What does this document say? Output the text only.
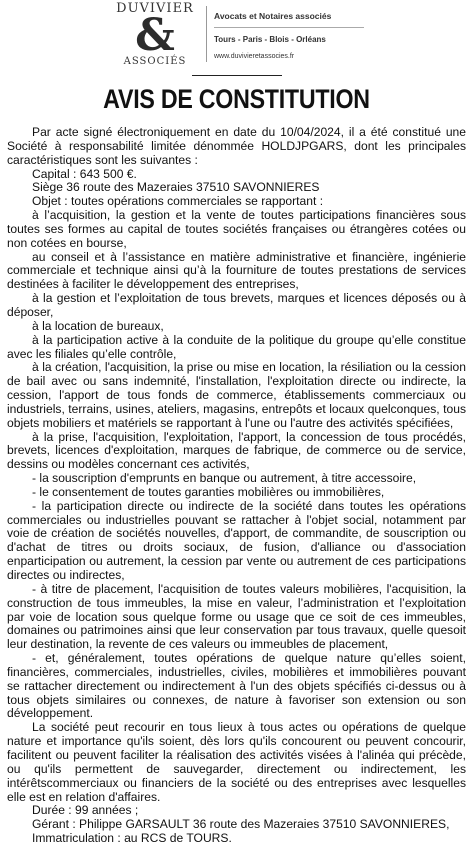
DUVIVIER
&
ASSOCIÉS
Avocats et Notaires associés
Tours - Paris - Blois - Orléans
www.duvivieretassocies.fr
AVIS DE CONSTITUTION

Par acte signé électroniquement en date du 10/04/2024, il a été constitué une Société à responsabilité limitée dénommée HOLDJPGARS, dont les principales caractéristiques sont les suivantes :

Capital : 643 500 €.

Siège 36 route des Mazeraies 37510 SAVONNIERES

Objet : toutes opérations commerciales se rapportant :

à l’acquisition, la gestion et la vente de toutes participations financières sous toutes ses formes au capital de toutes sociétés françaises ou étrangères cotées ou non cotées en bourse,

au conseil et à l’assistance en matière administrative et financière, ingénierie commerciale et technique ainsi qu’à la fourniture de toutes prestations de services destinées à faciliter le développement des entreprises,

à la gestion et l’exploitation de tous brevets, marques et licences déposés ou à déposer,

à la location de bureaux,

à la participation active à la conduite de la politique du groupe qu’elle constitue avec les filiales qu’elle contrôle,

à la création, l'acquisition, la prise ou mise en location, la résiliation ou la cession de bail avec ou sans indemnité, l'installation, l'exploitation directe ou indirecte, la cession, l'apport de tous fonds de commerce, établissements commerciaux ou industriels, terrains, usines, ateliers, magasins, entrepôts et locaux quelconques, tous objets mobiliers et matériels se rapportant à l'une ou l'autre des activités spécifiées,

à la prise, l'acquisition, l'exploitation, l'apport, la concession de tous procédés, brevets, licences d'exploitation, marques de fabrique, de commerce ou de service, dessins ou modèles concernant ces activités,

- la souscription d'emprunts en banque ou autrement, à titre accessoire,

- le consentement de toutes garanties mobilières ou immobilières,

- la participation directe ou indirecte de la société dans toutes les opérations commerciales ou industrielles pouvant se rattacher à l'objet social, notamment par voie de création de sociétés nouvelles, d'apport, de commandite, de souscription ou d'achat de titres ou droits sociaux, de fusion, d'alliance ou d'association enparticipation ou autrement, la cession par vente ou autrement de ces participations directes ou indirectes,

- à titre de placement, l'acquisition de toutes valeurs mobilières, l'acquisition, la construction de tous immeubles, la mise en valeur, l’administration et l’exploitation par voie de location sous quelque forme ou usage que ce soit de ces immeubles, domaines ou patrimoines ainsi que leur conservation par tous travaux, quelle quesoit leur destination, la revente de ces valeurs ou immeubles de placement,

- et, généralement, toutes opérations de quelque nature qu’elles soient, financières, commerciales, industrielles, civiles, mobilières et immobilières pouvant se rattacher directement ou indirectement à l'un des objets spécifiés ci-dessus ou à tous objets similaires ou connexes, de nature à favoriser son extension ou son développement.

La société peut recourir en tous lieux à tous actes ou opérations de quelque nature et importance qu'ils soient, dès lors qu'ils concourent ou peuvent concourir, facilitent ou peuvent faciliter la réalisation des activités visées à l'alinéa qui précède, ou qu'ils permettent de sauvegarder, directement ou indirectement, les intérêtscommerciaux ou financiers de la société ou des entreprises avec lesquelles elle est en relation d'affaires.

Durée : 99 années ;

Gérant : Philippe GARSAULT 36 route des Mazeraies 37510 SAVONNIERES,

Immatriculation : au RCS de TOURS.
